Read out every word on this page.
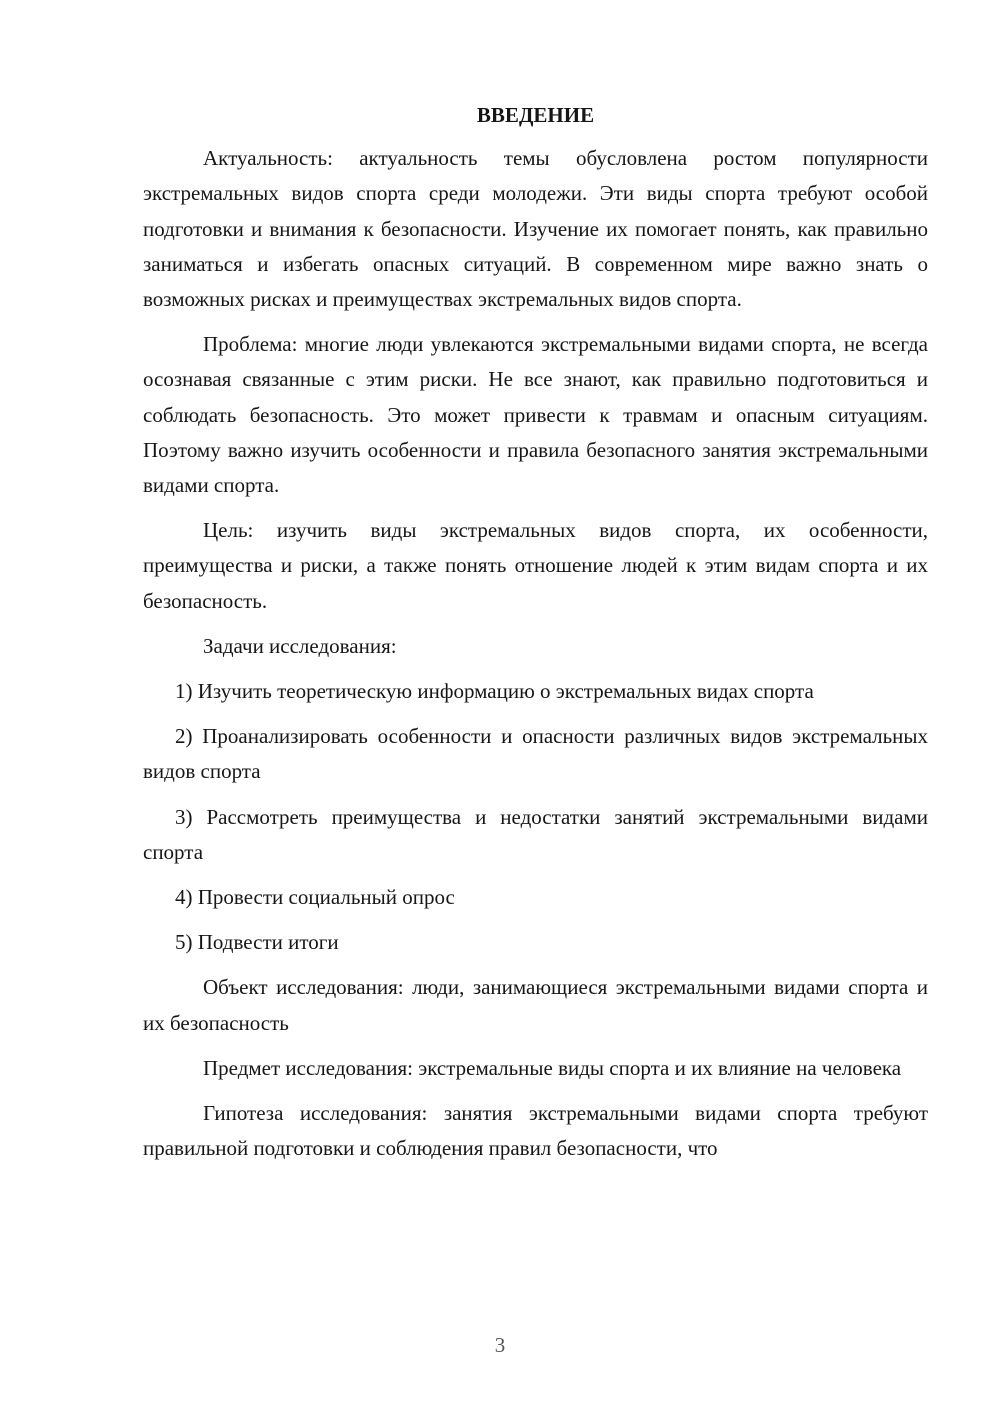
ВВЕДЕНИЕ

Актуальность: актуальность темы обусловлена ростом популярности экстремальных видов спорта среди молодежи. Эти виды спорта требуют особой подготовки и внимания к безопасности. Изучение их помогает понять, как правильно заниматься и избегать опасных ситуаций. В современном мире важно знать о возможных рисках и преимуществах экстремальных видов спорта.

Проблема: многие люди увлекаются экстремальными видами спорта, не всегда осознавая связанные с этим риски. Не все знают, как правильно подготовиться и соблюдать безопасность. Это может привести к травмам и опасным ситуациям. Поэтому важно изучить особенности и правила безопасного занятия экстремальными видами спорта.

Цель: изучить виды экстремальных видов спорта, их особенности, преимущества и риски, а также понять отношение людей к этим видам спорта и их безопасность.

Задачи исследования:

1) Изучить теоретическую информацию о экстремальных видах спорта

2) Проанализировать особенности и опасности различных видов экстремальных видов спорта

3) Рассмотреть преимущества и недостатки занятий экстремальными видами спорта

4) Провести социальный опрос

5) Подвести итоги

Объект исследования: люди, занимающиеся экстремальными видами спорта и их безопасность

Предмет исследования: экстремальные виды спорта и их влияние на человека

Гипотеза исследования: занятия экстремальными видами спорта требуют правильной подготовки и соблюдения правил безопасности, что

3
